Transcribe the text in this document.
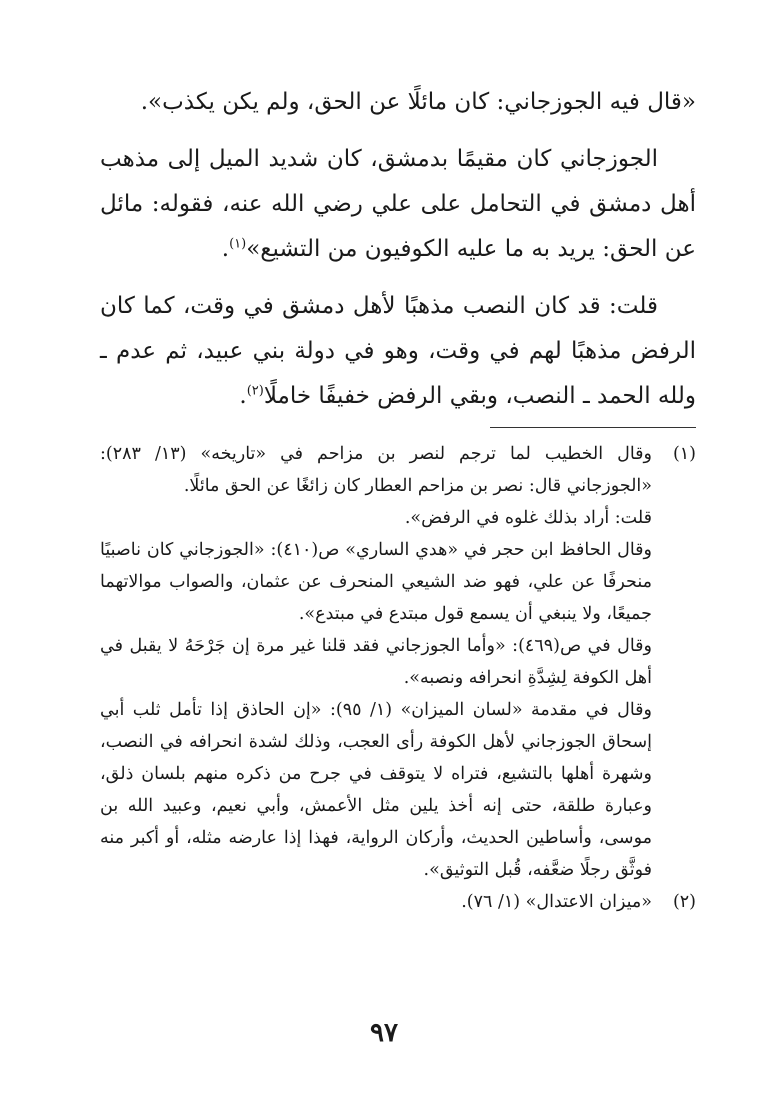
«قال فيه الجوزجاني: كان مائلًا عن الحق، ولم يكن يكذب».

الجوزجاني كان مقيمًا بدمشق، كان شديد الميل إلى مذهب أهل دمشق في التحامل على علي رضي الله عنه، فقوله: مائل عن الحق: يريد به ما عليه الكوفيون من التشيع»$^{(١)}$.

قلت: قد كان النصب مذهبًا لأهل دمشق في وقت، كما كان الرفض مذهبًا لهم في وقت، وهو في دولة بني عبيد، ثم عدم ـ ولله الحمد ـ النصب، وبقي الرفض خفيفًا خاملًا$^{(٢)}$.

(١)

وقال الخطيب لما ترجم لنصر بن مزاحم في «تاريخه» (١٣/ ٢٨٣): «الجوزجاني قال: نصر بن مزاحم العطار كان زائغًا عن الحق مائلًا.

قلت: أراد بذلك غلوه في الرفض».

وقال الحافظ ابن حجر في «هدي الساري» ص(٤١٠): «الجوزجاني كان ناصبيًا منحرفًا عن علي، فهو ضد الشيعي المنحرف عن عثمان، والصواب موالاتهما جميعًا، ولا ينبغي أن يسمع قول مبتدع في مبتدع».

وقال في ص(٤٦٩): «وأما الجوزجاني فقد قلنا غير مرة إن جَرْحَهُ لا يقبل في أهل الكوفة لِشِدَّةِ انحرافه ونصبه».

وقال في مقدمة «لسان الميزان» (١/ ٩٥): «إن الحاذق إذا تأمل ثلب أبي إسحاق الجوزجاني لأهل الكوفة رأى العجب، وذلك لشدة انحرافه في النصب، وشهرة أهلها بالتشيع، فتراه لا يتوقف في جرح من ذكره منهم بلسان ذلق، وعبارة طلقة، حتى إنه أخذ يلين مثل الأعمش، وأبي نعيم، وعبيد الله بن موسى، وأساطين الحديث، وأركان الرواية، فهذا إذا عارضه مثله، أو أكبر منه فوثَّق رجلًا ضعَّفه، قُبل التوثيق».

(٢)

«ميزان الاعتدال» (١/ ٧٦).

٩٧
